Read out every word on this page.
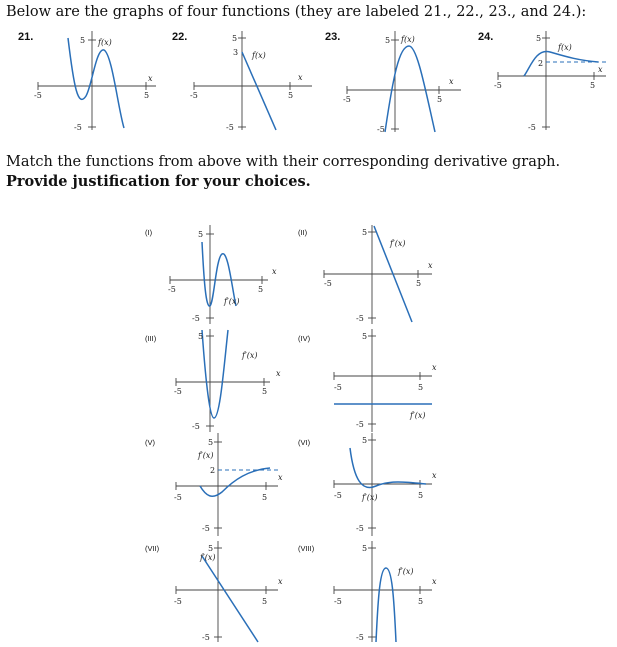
Below are the graphs of four functions (they are labeled 21., 22., 23., and 24.):
21.
-5	5
5
-5
f(x)
x
22.
-5	5
5
-5
3 f(x)
x
23.
-5	5
5
-5
f(x)
x
24.
-5	5
5
-5
2
f(x)
x
Match the functions from above with their corresponding derivative graph. Provide justification for your choices.
(I)
-5	5
5
-5
f′(x)
x
(II)
-5	5
5
-5
f′(x)
x
(III)
-5	5
5
-5
f′(x)
x
(IV)
-5	5
5
-5
f′(x)
x
(V)
-5	5
5
-5
2
f′(x)
x
(VI)
-5	5
5
-5
f′(x)
x
(VII)
-5	5
5
-5
f′(x)
x
(VIII)
-5	5
5
-5
f′(x)
x
